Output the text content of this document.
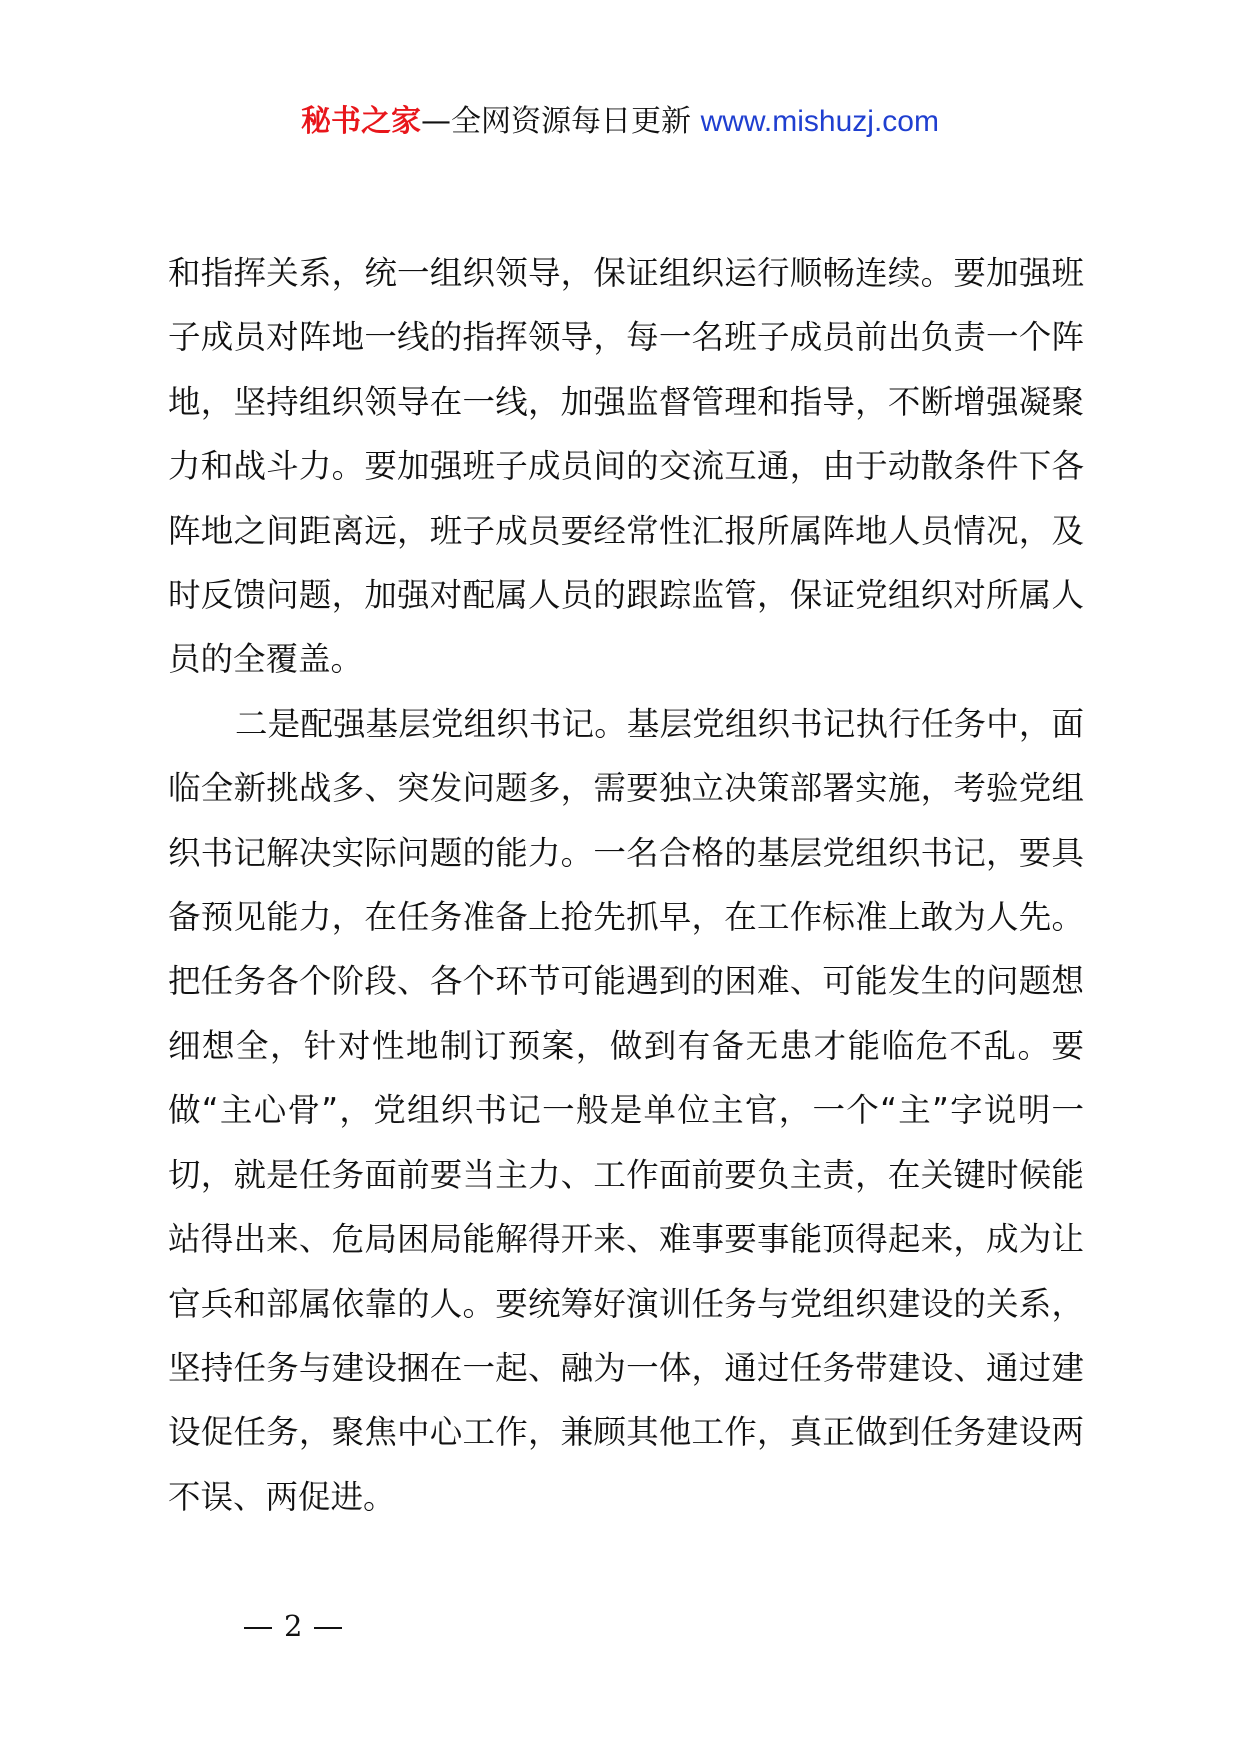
秘书之家—全网资源每日更新 www.mishuzj.com

和指挥关系，统一组织领导，保证组织运行顺畅连续。要加强班子成员对阵地一线的指挥领导，每一名班子成员前出负责一个阵地，坚持组织领导在一线，加强监督管理和指导，不断增强凝聚力和战斗力。要加强班子成员间的交流互通，由于动散条件下各阵地之间距离远，班子成员要经常性汇报所属阵地人员情况，及时反馈问题，加强对配属人员的跟踪监管，保证党组织对所属人员的全覆盖。

二是配强基层党组织书记。基层党组织书记执行任务中，面临全新挑战多、突发问题多，需要独立决策部署实施，考验党组织书记解决实际问题的能力。一名合格的基层党组织书记，要具备预见能力，在任务准备上抢先抓早，在工作标准上敢为人先。把任务各个阶段、各个环节可能遇到的困难、可能发生的问题想细想全，针对性地制订预案，做到有备无患才能临危不乱。要做“主心骨”，党组织书记一般是单位主官，一个“主”字说明一切，就是任务面前要当主力、工作面前要负主责，在关键时候能站得出来、危局困局能解得开来、难事要事能顶得起来，成为让官兵和部属依靠的人。要统筹好演训任务与党组织建设的关系，坚持任务与建设捆在一起、融为一体，通过任务带建设、通过建设促任务，聚焦中心工作，兼顾其他工作，真正做到任务建设两不误、两促进。

2
